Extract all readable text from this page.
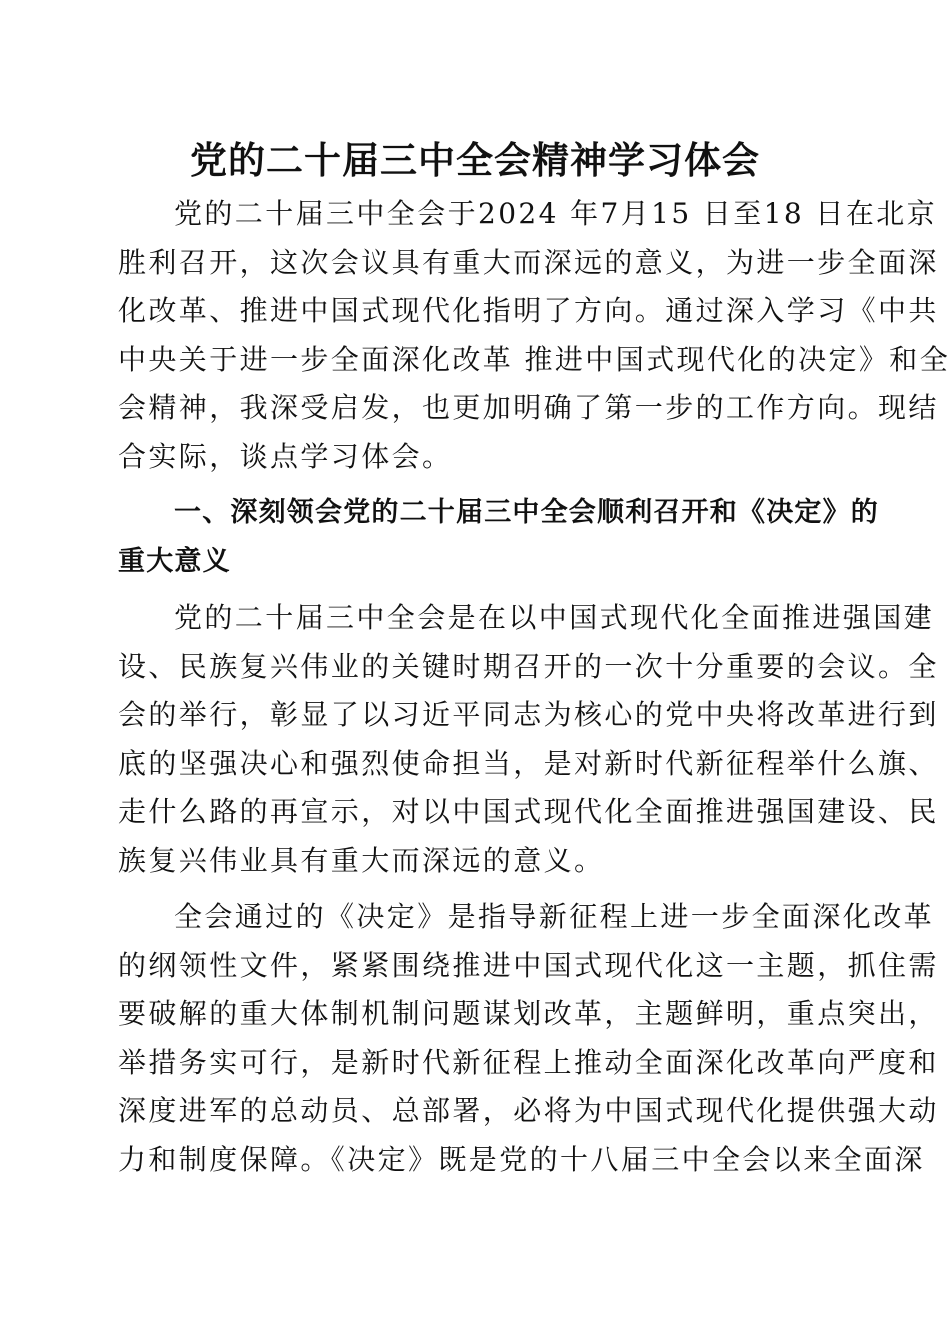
党的二十届三中全会精神学习体会
党的二十届三中全会于2024 年7月15 日至18 日在北京
胜利召开，这次会议具有重大而深远的意义，为进一步全面深
化改革、推进中国式现代化指明了方向。通过深入学习《中共
中央关于进一步全面深化改革 推进中国式现代化的决定》和全
会精神，我深受启发，也更加明确了第一步的工作方向。现结
合实际，谈点学习体会。
一、深刻领会党的二十届三中全会顺利召开和《决定》的
重大意义
党的二十届三中全会是在以中国式现代化全面推进强国建
设、民族复兴伟业的关键时期召开的一次十分重要的会议。全
会的举行，彰显了以习近平同志为核心的党中央将改革进行到
底的坚强决心和强烈使命担当，是对新时代新征程举什么旗、
走什么路的再宣示，对以中国式现代化全面推进强国建设、民
族复兴伟业具有重大而深远的意义。
全会通过的《决定》是指导新征程上进一步全面深化改革
的纲领性文件，紧紧围绕推进中国式现代化这一主题，抓住需
要破解的重大体制机制问题谋划改革，主题鲜明，重点突出，
举措务实可行，是新时代新征程上推动全面深化改革向严度和
深度进军的总动员、总部署，必将为中国式现代化提供强大动
力和制度保障。《决定》既是党的十八届三中全会以来全面深
